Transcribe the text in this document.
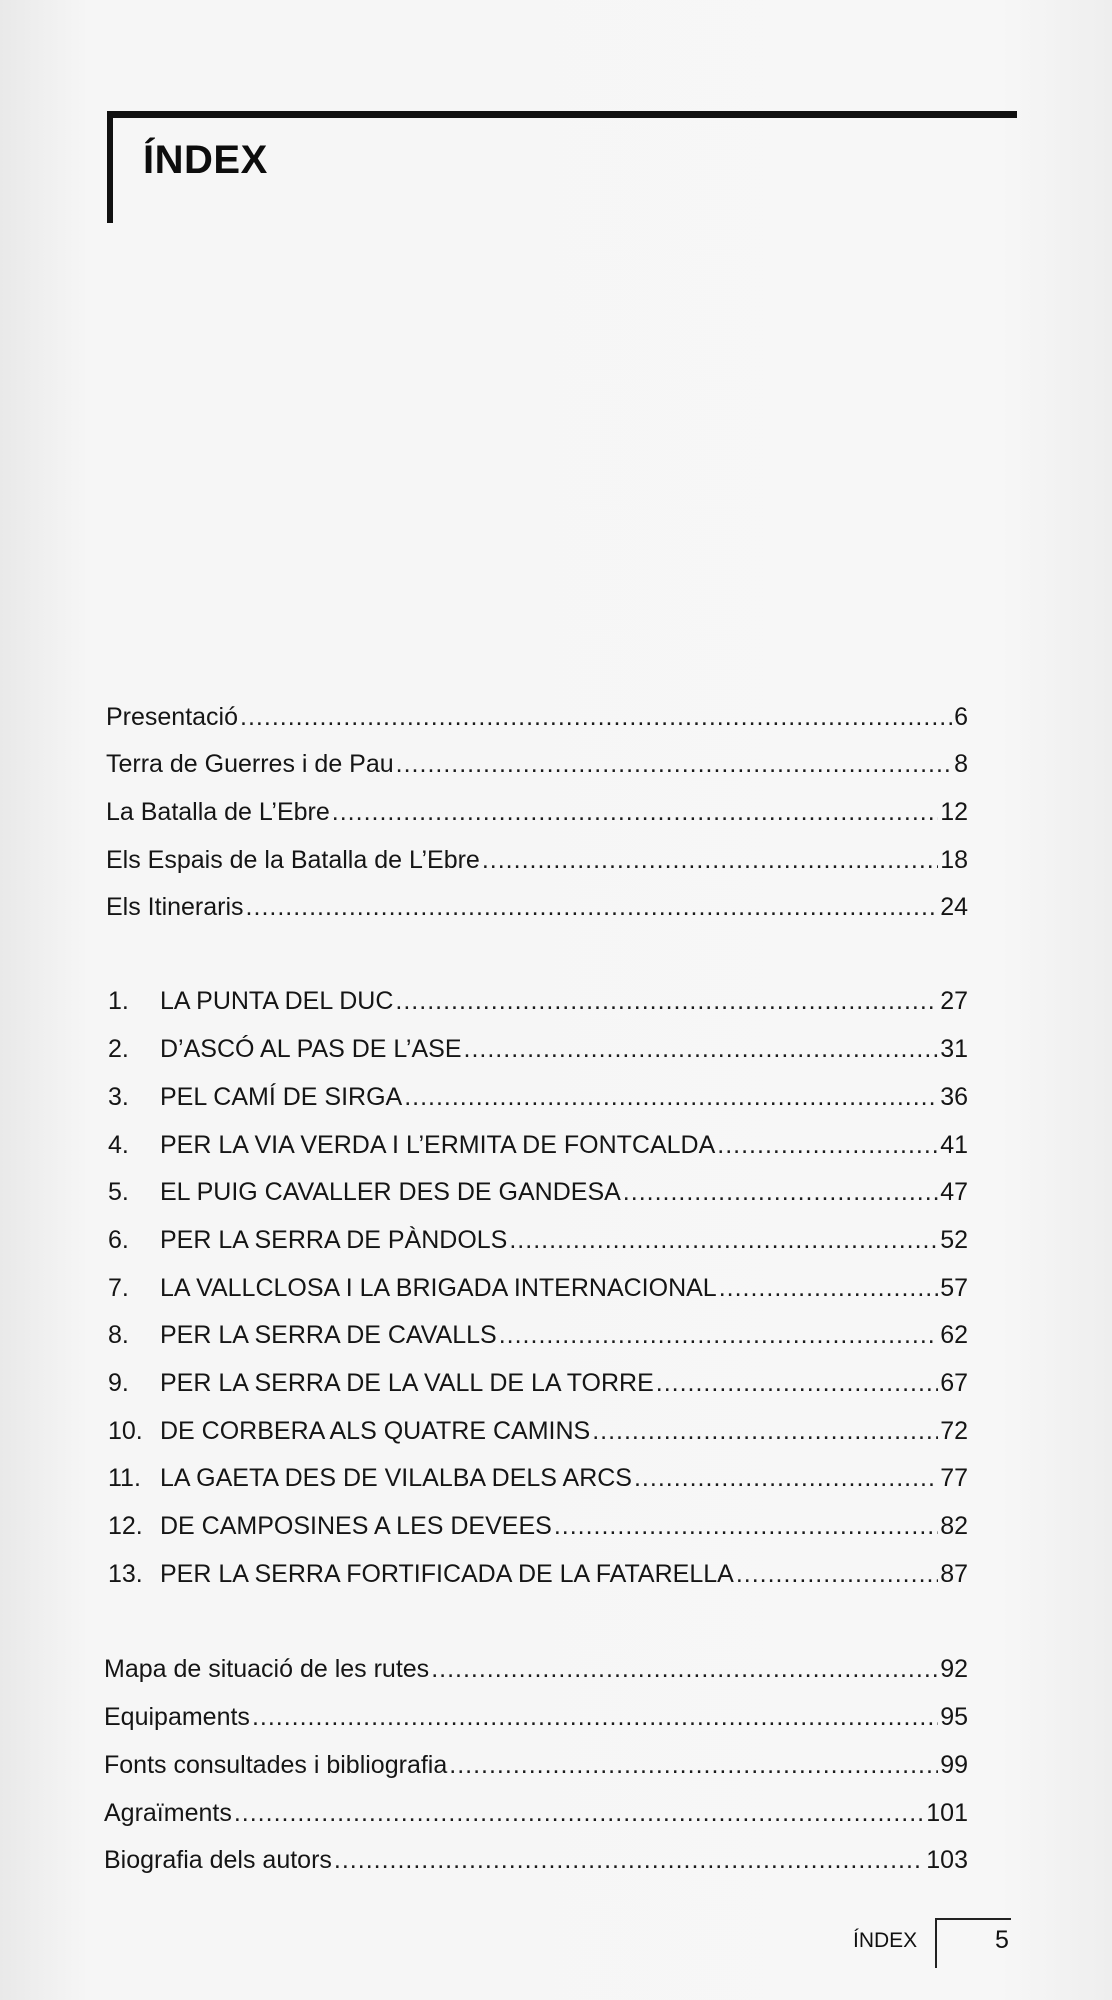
ÍNDEX
Presentació .....	6
Terra de Guerres i de Pau .....	8
La Batalla de L’Ebre .....	12
Els Espais de la Batalla de L’Ebre .....	18
Els Itineraris .....	24
1.	LA PUNTA DEL DUC .....	27
2.	D’ASCÓ AL PAS DE L’ASE .....	31
3.	PEL CAMÍ DE SIRGA .....	36
4.	PER LA VIA VERDA I L’ERMITA DE FONTCALDA .....	41
5.	EL PUIG CAVALLER DES DE GANDESA .....	47
6.	PER LA SERRA DE PÀNDOLS .....	52
7.	LA VALLCLOSA I LA BRIGADA INTERNACIONAL .....	57
8.	PER LA SERRA DE CAVALLS .....	62
9.	PER LA SERRA DE LA VALL DE LA TORRE .....	67
10. DE CORBERA ALS QUATRE CAMINS .....	72
11. LA GAETA DES DE VILALBA DELS ARCS .....	77
12. DE CAMPOSINES A LES DEVEES .....	82
13. PER LA SERRA FORTIFICADA DE LA FATARELLA .....	87
Mapa de situació de les rutes .....	92
Equipaments .....	95
Fonts consultades i bibliografia .....	99
Agraïments .....	101
Biografia dels autors .....	103
ÍNDEX	5
